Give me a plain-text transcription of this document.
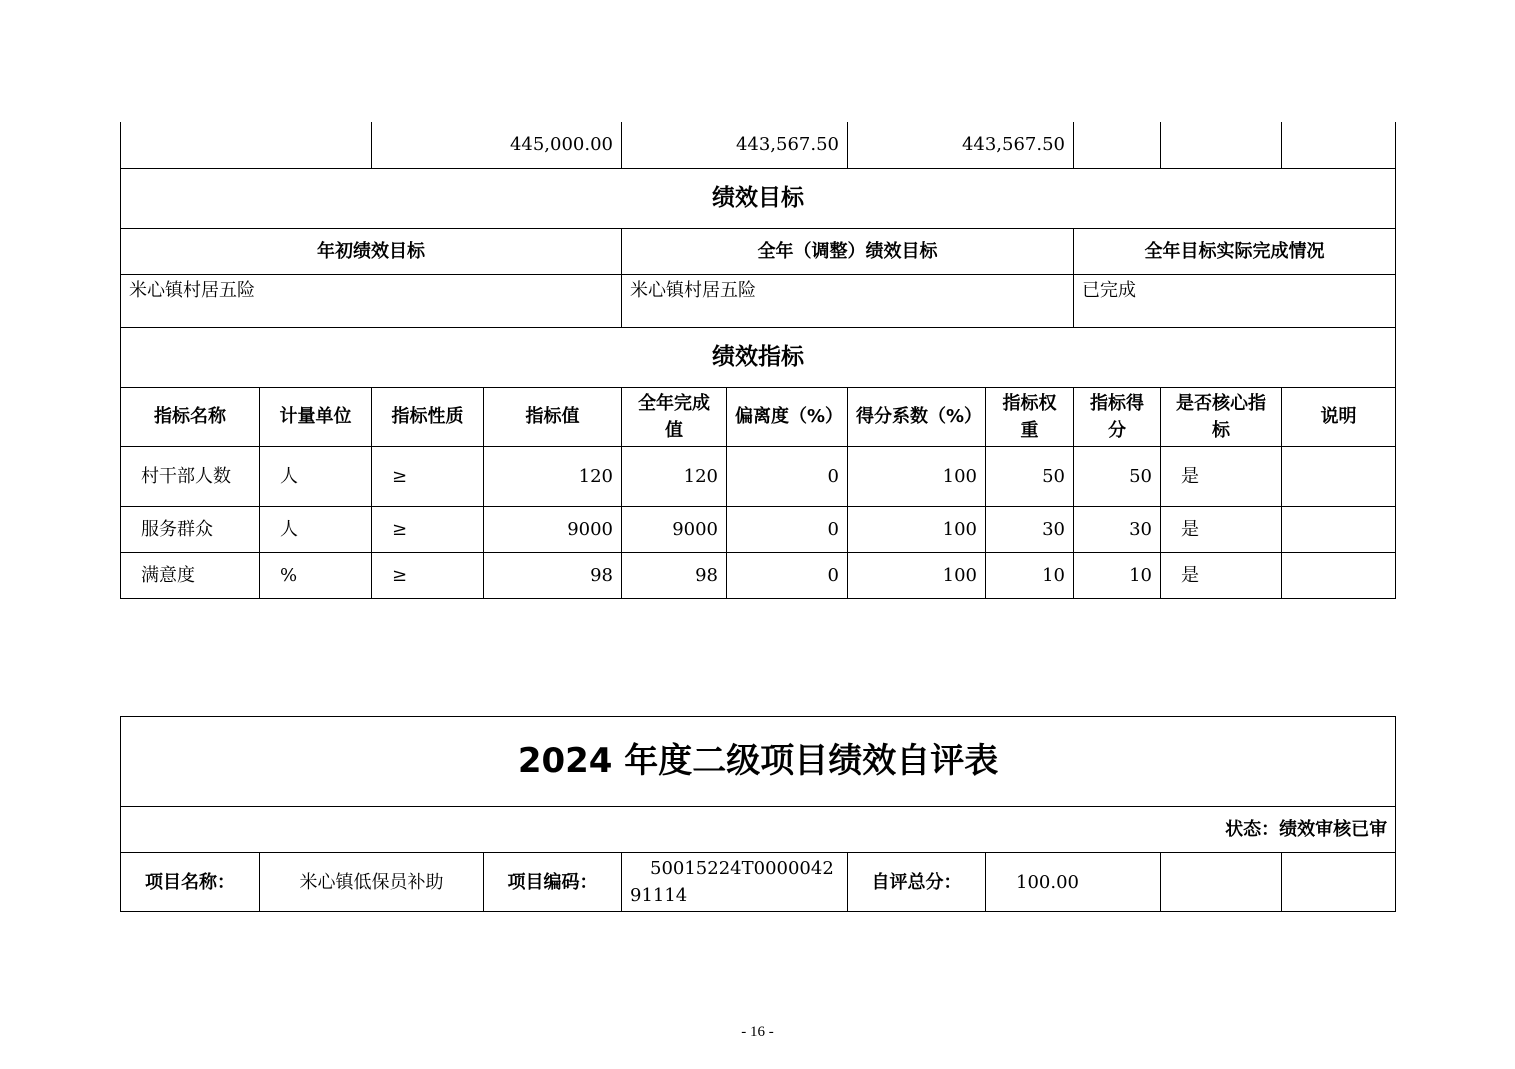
		445,000.00		443,567.50		443,567.50				
绩效目标										
年初绩效目标				全年（调整）绩效目标				全年目标实际完成情况		
米心镇村居五险				米心镇村居五险				已完成		
绩效指标										
指标名称	计量单位	指标性质	指标值	全年完成值	偏离度（%）	得分系数（%）	指标权重	指标得分	是否核心指标	说明
村干部人数	人	≥	120	120	0	100	50	50	是	
服务群众	人	≥	9000	9000	0	100	30	30	是	
满意度	%	≥	98	98	0	100	10	10	是	
2024 年度二级项目绩效自评表
状态：绩效审核已审
项目名称：	米心镇低保员补助	项目编码：	50015224T000004291114	自评总分：	100.00		
- 16 -
